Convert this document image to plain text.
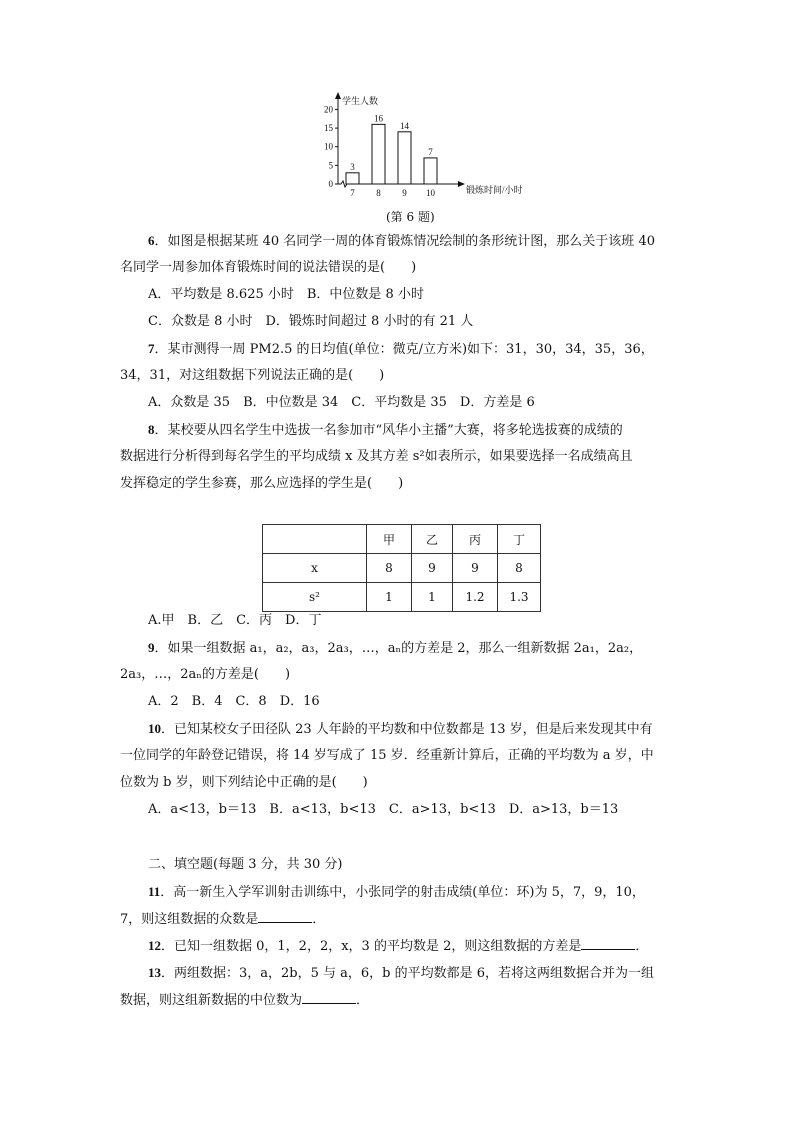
学生人数
锻炼时间/小时
0
5
10
15
20
3
7
16
8
14
9
7
10
(第 6 题)
6．如图是根据某班 40 名同学一周的体育锻炼情况绘制的条形统计图，那么关于该班 40
名同学一周参加体育锻炼时间的说法错误的是(　　)
A．平均数是 8.625 小时　B．中位数是 8 小时
C．众数是 8 小时　D．锻炼时间超过 8 小时的有 21 人
7．某市测得一周 PM2.5 的日均值(单位：微克/立方米)如下：31，30，34，35，36，
34，31，对这组数据下列说法正确的是(　　)
A．众数是 35　B．中位数是 34　C．平均数是 35　D．方差是 6
8．某校要从四名学生中选拔一名参加市“风华小主播”大赛，将多轮选拔赛的成绩的
数据进行分析得到每名学生的平均成绩 x 及其方差 s²如表所示，如果要选择一名成绩高且
发挥稳定的学生参赛，那么应选择的学生是(　　)
	甲	乙	丙	丁
x	8	9	9	8
s²	1	1	1.2	1.3
A.甲　B．乙　C．丙　D．丁
9．如果一组数据 a₁，a₂，a₃，2a₃，…，aₙ的方差是 2，那么一组新数据 2a₁，2a₂，
2a₃，…，2aₙ的方差是(　　)
A．2　B．4　C．8　D．16
10．已知某校女子田径队 23 人年龄的平均数和中位数都是 13 岁，但是后来发现其中有
一位同学的年龄登记错误，将 14 岁写成了 15 岁．经重新计算后，正确的平均数为 a 岁，中
位数为 b 岁，则下列结论中正确的是(　　)
A．a<13，b＝13　B．a<13，b<13　C．a>13，b<13　D．a>13，b＝13
二、填空题(每题 3 分，共 30 分)
11．高一新生入学军训射击训练中，小张同学的射击成绩(单位：环)为 5，7，9，10，
7，则这组数据的众数是	．
12．已知一组数据 0，1，2，2，x，3 的平均数是 2，则这组数据的方差是	．
13．两组数据：3，a，2b，5 与 a，6，b 的平均数都是 6，若将这两组数据合并为一组
数据，则这组新数据的中位数为	．
